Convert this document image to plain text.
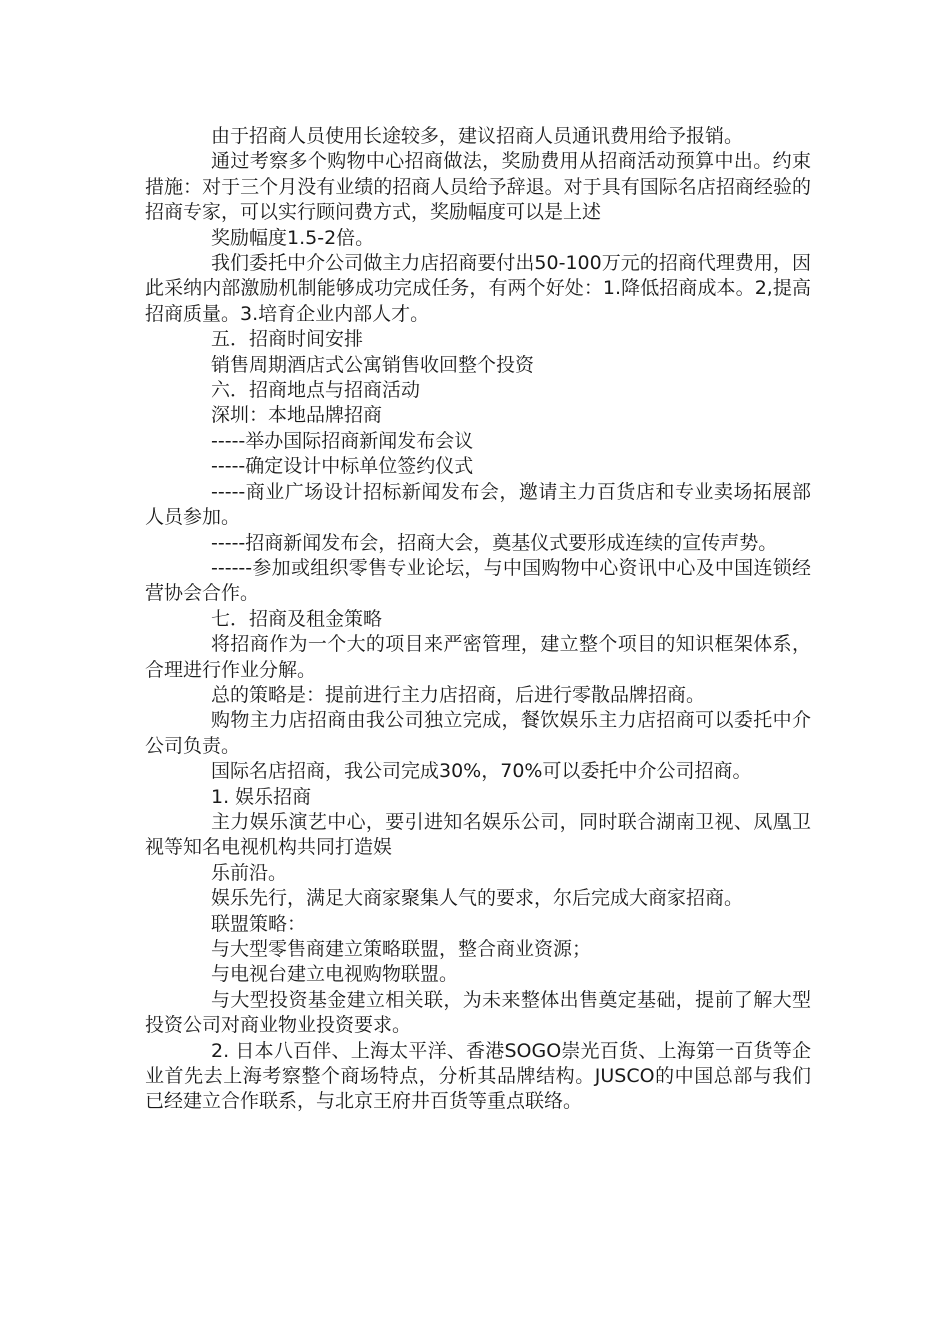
由于招商人员使用长途较多，建议招商人员通讯费用给予报销。

通过考察多个购物中心招商做法，奖励费用从招商活动预算中出。约束措施：对于三个月没有业绩的招商人员给予辞退。对于具有国际名店招商经验的招商专家，可以实行顾问费方式，奖励幅度可以是上述

奖励幅度1.5-2倍。

我们委托中介公司做主力店招商要付出50-100万元的招商代理费用，因此采纳内部激励机制能够成功完成任务，有两个好处：1.降低招商成本。2,提高招商质量。3.培育企业内部人才。

五．招商时间安排

销售周期酒店式公寓销售收回整个投资

六．招商地点与招商活动

深圳：本地品牌招商

-----举办国际招商新闻发布会议

-----确定设计中标单位签约仪式

-----商业广场设计招标新闻发布会，邀请主力百货店和专业卖场拓展部人员参加。

-----招商新闻发布会，招商大会，奠基仪式要形成连续的宣传声势。

------参加或组织零售专业论坛，与中国购物中心资讯中心及中国连锁经营协会合作。

七．招商及租金策略

将招商作为一个大的项目来严密管理，建立整个项目的知识框架体系，合理进行作业分解。

总的策略是：提前进行主力店招商，后进行零散品牌招商。

购物主力店招商由我公司独立完成，餐饮娱乐主力店招商可以委托中介公司负责。

国际名店招商，我公司完成30%，70%可以委托中介公司招商。

1. 娱乐招商

主力娱乐演艺中心，要引进知名娱乐公司，同时联合湖南卫视、凤凰卫视等知名电视机构共同打造娱

乐前沿。

娱乐先行，满足大商家聚集人气的要求，尔后完成大商家招商。

联盟策略：

与大型零售商建立策略联盟，整合商业资源；

与电视台建立电视购物联盟。

与大型投资基金建立相关联，为未来整体出售奠定基础，提前了解大型投资公司对商业物业投资要求。

2. 日本八百伴、上海太平洋、香港SOGO崇光百货、上海第一百货等企业首先去上海考察整个商场特点，分析其品牌结构。JUSCO的中国总部与我们已经建立合作联系，与北京王府井百货等重点联络。
